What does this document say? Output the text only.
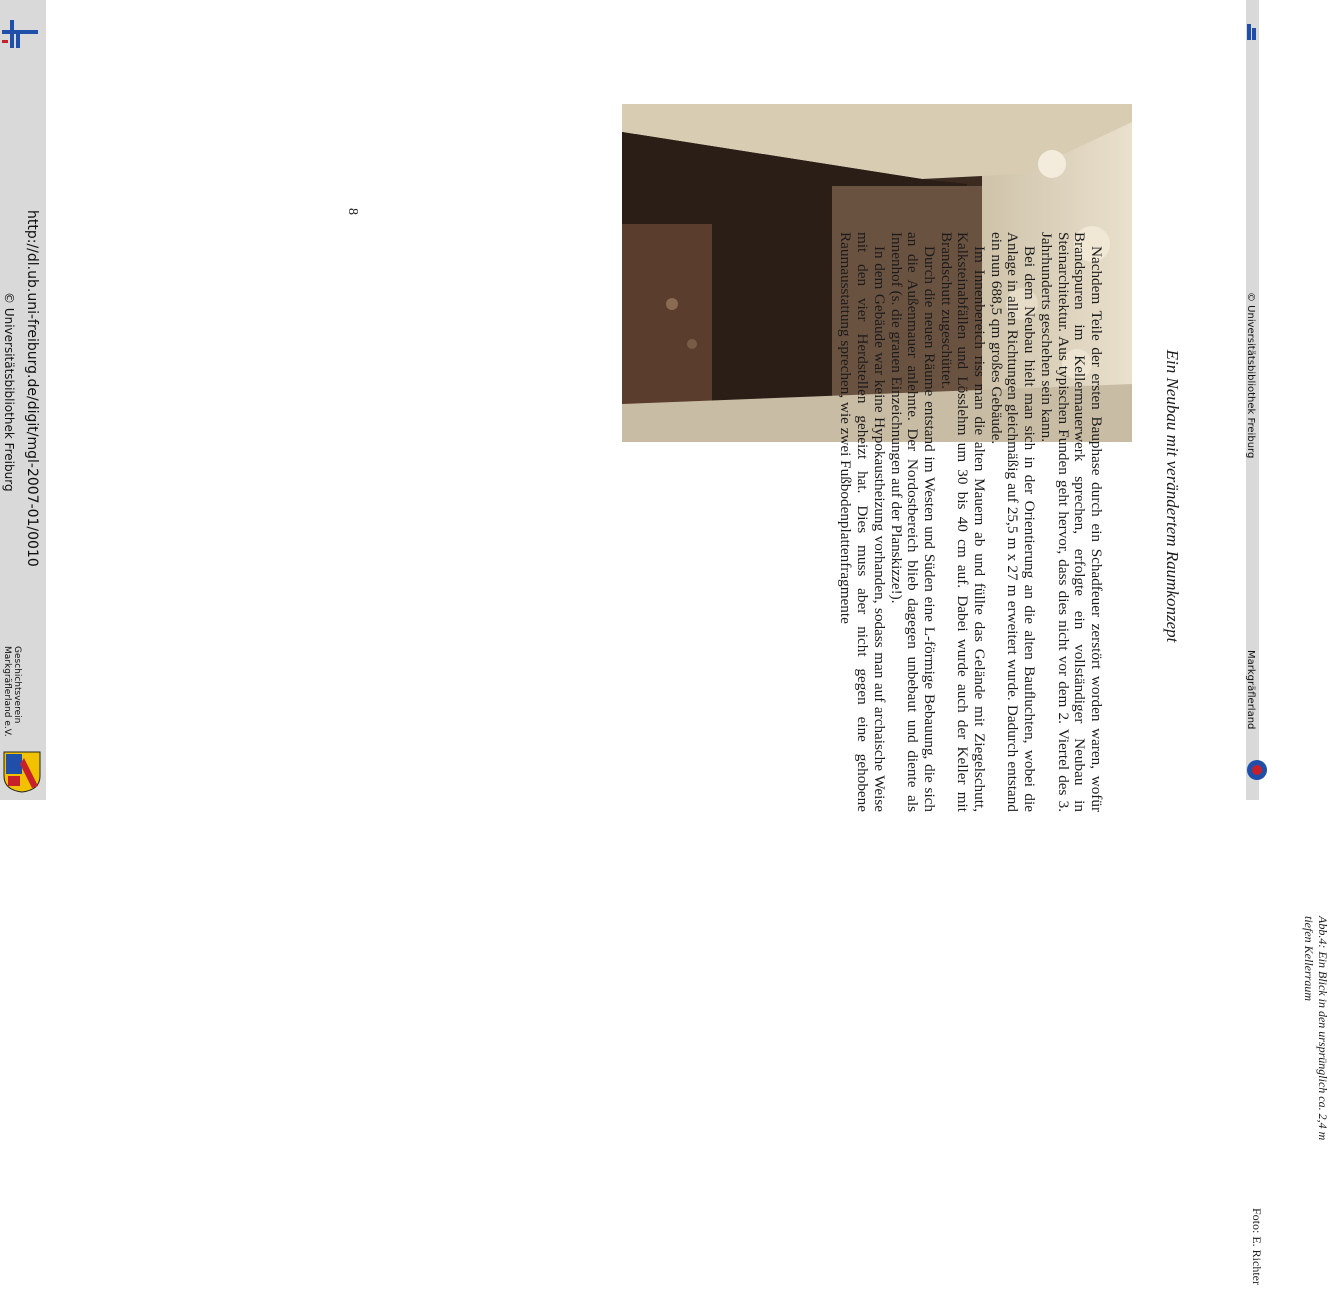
http://dl.ub.uni-freiburg.de/digit/mgl-2007-01/0010
© Universitätsbibliothek Freiburg
Geschichtsverein
Markgräflerland e.V.
Abb.4: Ein Blick in den ursprünglich ca. 2,4 m tiefen Kellerraum
Foto: E. Richter
Ein Neubau mit verändertem Raumkonzept

Nachdem Teile der ersten Bauphase durch ein Schadfeuer zerstört worden waren, wofür Brandspuren im Kellermauerwerk sprechen, erfolgte ein vollständiger Neubau in Steinarchitektur. Aus typischen Funden geht hervor, dass dies nicht vor dem 2. Viertel des 3. Jahrhunderts geschehen sein kann.

Bei dem Neubau hielt man sich in der Orientierung an die alten Bauﬂuchten, wobei die Anlage in allen Richtungen gleichmäßig auf 25,5 m x 27 m erweitert wurde. Dadurch entstand ein nun 688,5 qm großes Gebäude.

Im Innenbereich riss man die alten Mauern ab und füllte das Gelände mit Ziegelschutt, Kalksteinabfällen und Lösslehm um 30 bis 40 cm auf. Dabei wurde auch der Keller mit Brandschutt zugeschüttet.

Durch die neuen Räume entstand im Westen und Süden eine L-förmige Bebauung, die sich an die Außenmauer anlehnte. Der Nordostbereich blieb dagegen unbebaut und diente als Innenhof (s. die grauen Einzeichnungen auf der Planskizze!).

In dem Gebäude war keine Hypokaustheizung vorhanden, sodass man auf archaische Weise mit den vier Herdstellen geheizt hat. Dies muss aber nicht gegen eine gehobene Raumausstattung sprechen, wie zwei Fußbodenplattenfragmente

8
© Universitätsbibliothek Freiburg
Markgräflerland
